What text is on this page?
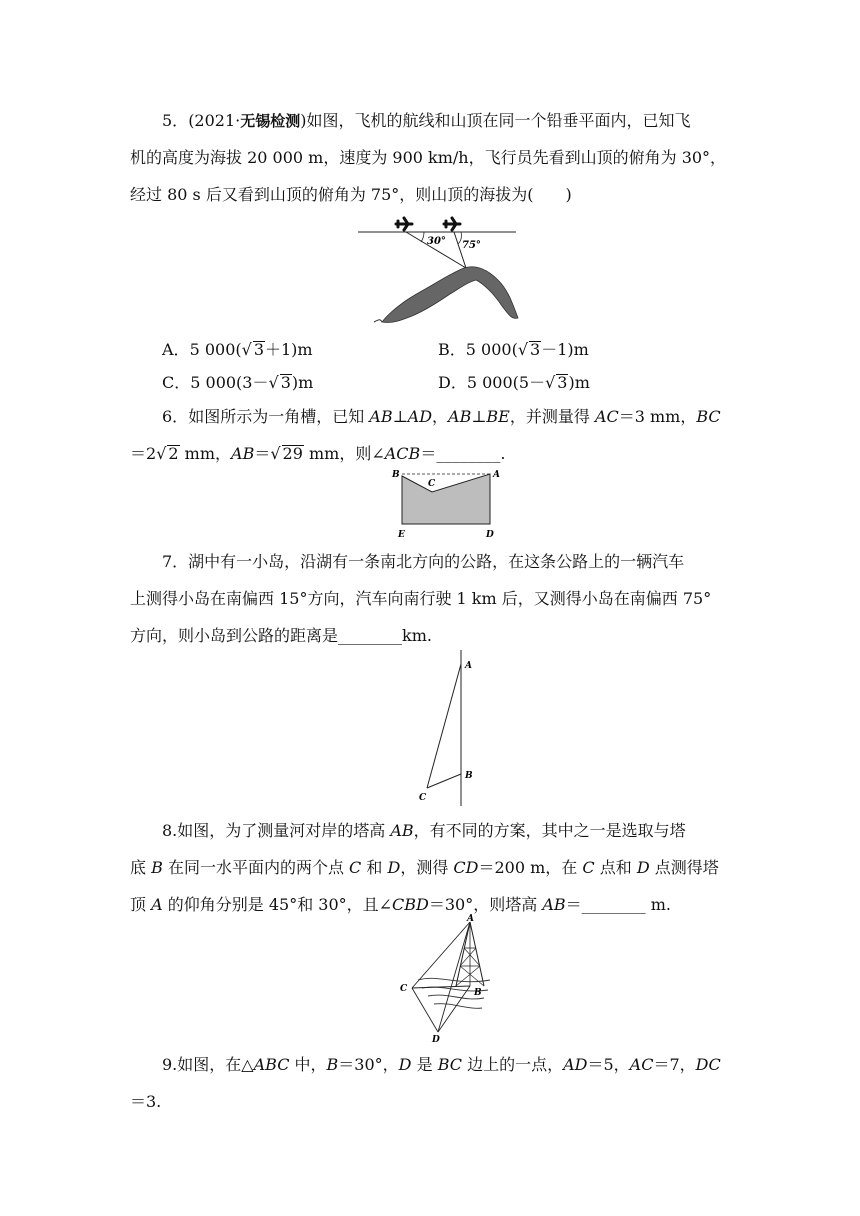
5．(2021·无锡检测)如图，飞机的航线和山顶在同一个铅垂平面内，已知飞
机的高度为海拔 20 000 m，速度为 900 km/h，飞行员先看到山顶的俯角为 30°，
经过 80 s 后又看到山顶的俯角为 75°，则山顶的海拔为(　　)
30° 75°
A．5 000(√ 3＋1)m	B．5 000(√ 3－1)m
C．5 000(3－√ 3)m	D．5 000(5－√ 3)m
6．如图所示为一角槽，已知 AB⊥AD，AB⊥BE，并测量得 AC＝3 mm，BC
＝2√ 2 mm，AB＝√ 29 mm，则∠ACB＝________.
B
C
A
E	D
7．湖中有一小岛，沿湖有一条南北方向的公路，在这条公路上的一辆汽车
上测得小岛在南偏西 15°方向，汽车向南行驶 1 km 后，又测得小岛在南偏西 75°
方向，则小岛到公路的距离是________km.
A
B
C
8.如图，为了测量河对岸的塔高 AB，有不同的方案，其中之一是选取与塔
底 B 在同一水平面内的两个点 C 和 D，测得 CD＝200 m，在 C 点和 D 点测得塔
顶 A 的仰角分别是 45°和 30°，且∠CBD＝30°，则塔高 AB＝________ m.
A
B
C
D
9.如图，在△ABC 中，B＝30°，D 是 BC 边上的一点，AD＝5，AC＝7，DC
＝3.
